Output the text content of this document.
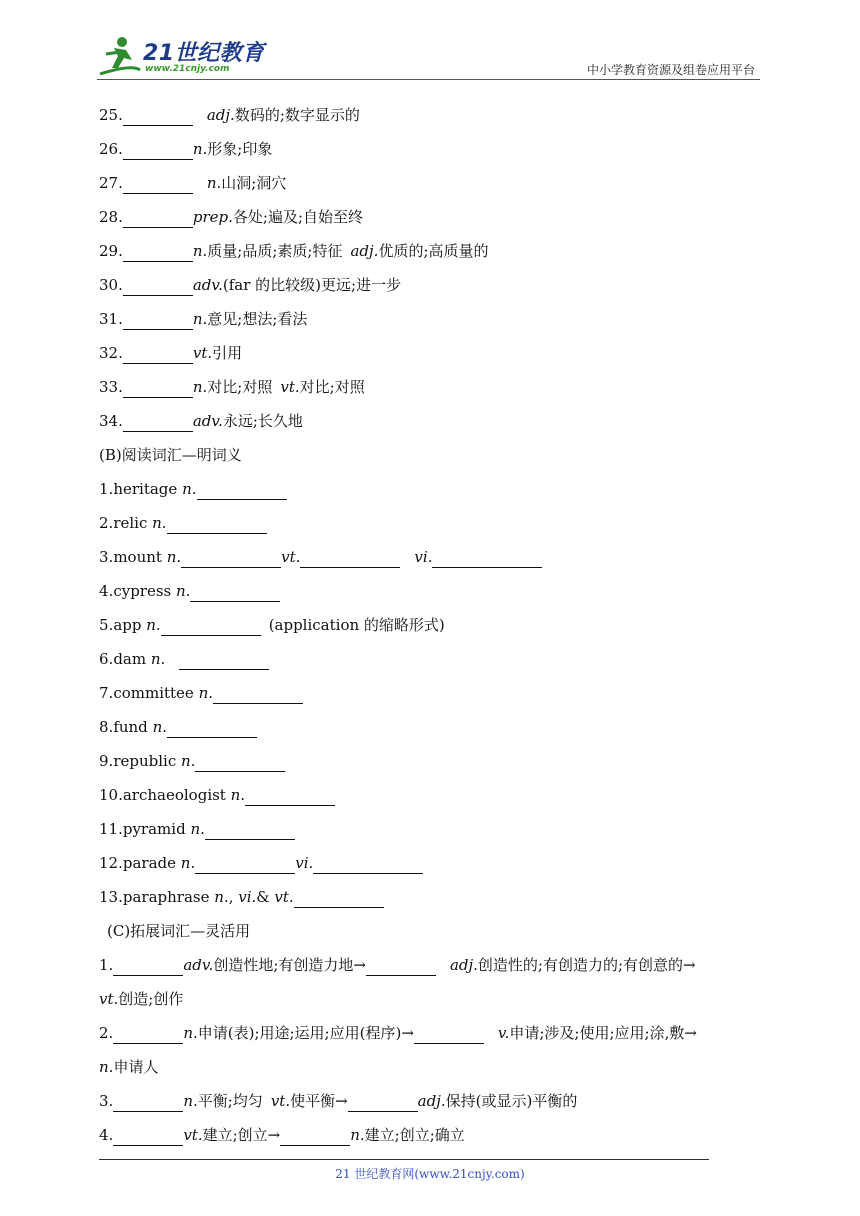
21世纪教育
www.21cnjy.com	中小学教育资源及组卷应用平台
25.	adj.数码的;数字显示的
26.	n.形象;印象
27.	n.山洞;洞穴
28.	prep.各处;遍及;自始至终
29.	n.质量;品质;素质;特征 adj.优质的;高质量的
30.	adv.(far 的比较级)更远;进一步
31.	n.意见;想法;看法
32.	vt.引用
33.	n.对比;对照 vt.对比;对照
34.	adv.永远;长久地
(B)阅读词汇—明词义
1.heritage n.
2.relic n.
3.mount n.	vt.	vi.
4.cypress n.
5.app n.	(application 的缩略形式)
6.dam n.
7.committee n.
8.fund n.
9.republic n.
10.archaeologist n.
11.pyramid n.
12.parade n.	vi.
13.paraphrase n., vi.& vt.
(C)拓展词汇—灵活用
1.	adv.创造性地;有创造力地→	adj.创造性的;有创造力的;有创意的→
vt.创造;创作
2.	n.申请(表);用途;运用;应用(程序)→	v.申请;涉及;使用;应用;涂,敷→
n.申请人
3.	n.平衡;均匀 vt.使平衡→	adj.保持(或显示)平衡的
4.	vt.建立;创立→	n.建立;创立;确立
21 世纪教育网(www.21cnjy.com)
